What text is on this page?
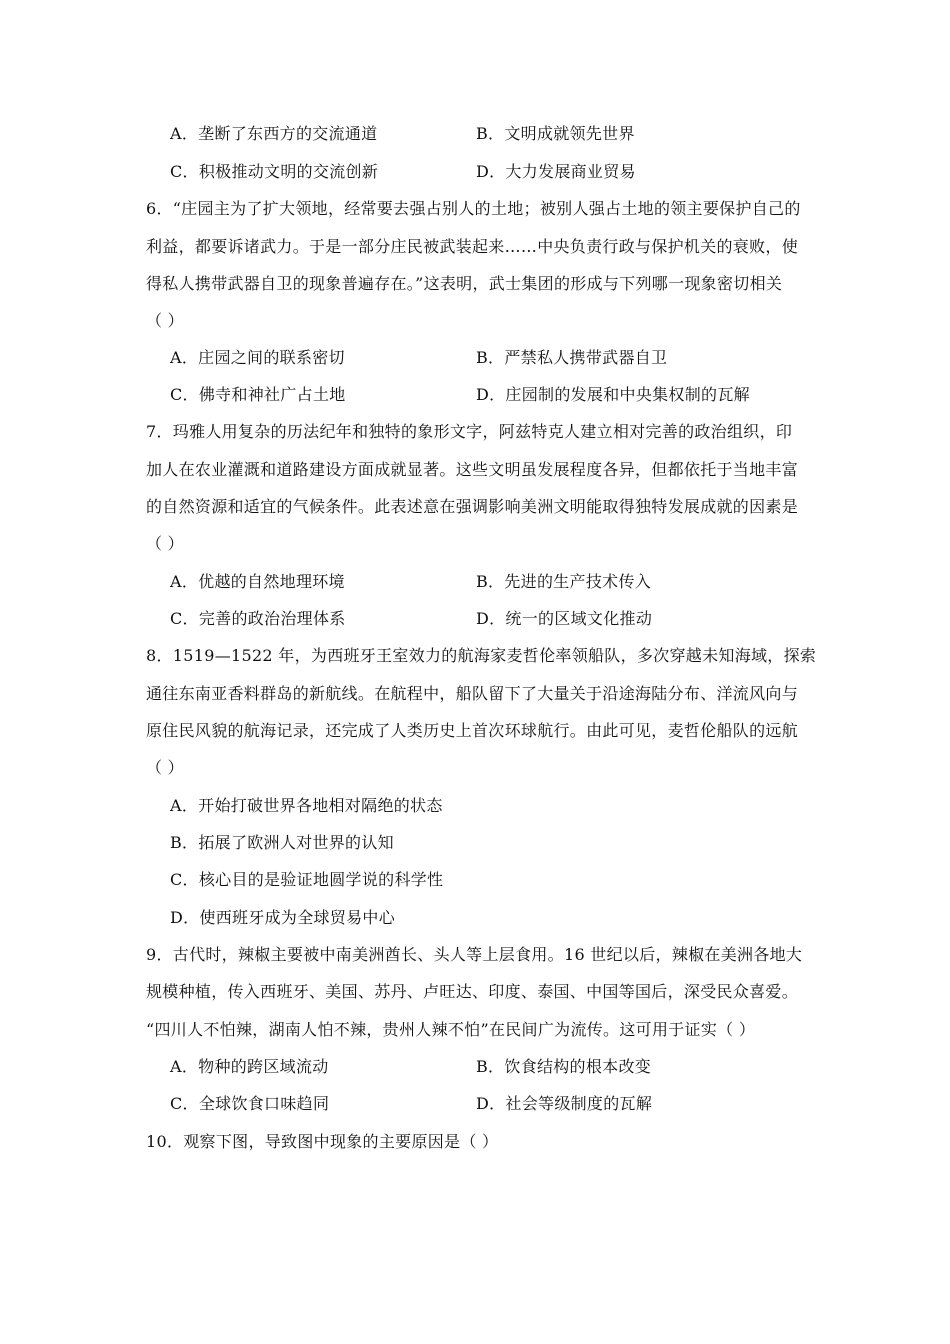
A．垄断了东西方的交流通道	B．文明成就领先世界
C．积极推动文明的交流创新	D．大力发展商业贸易
6．“庄园主为了扩大领地，经常要去强占别人的土地；被别人强占土地的领主要保护自己的
利益，都要诉诸武力。于是一部分庄民被武装起来……中央负责行政与保护机关的衰败，使
得私人携带武器自卫的现象普遍存在。”这表明，武士集团的形成与下列哪一现象密切相关
（ ）
A．庄园之间的联系密切	B．严禁私人携带武器自卫
C．佛寺和神社广占土地	D．庄园制的发展和中央集权制的瓦解
7．玛雅人用复杂的历法纪年和独特的象形文字，阿兹特克人建立相对完善的政治组织，印
加人在农业灌溉和道路建设方面成就显著。这些文明虽发展程度各异，但都依托于当地丰富
的自然资源和适宜的气候条件。此表述意在强调影响美洲文明能取得独特发展成就的因素是
（ ）
A．优越的自然地理环境	B．先进的生产技术传入
C．完善的政治治理体系	D．统一的区域文化推动
8．1519—1522 年，为西班牙王室效力的航海家麦哲伦率领船队，多次穿越未知海域，探索
通往东南亚香料群岛的新航线。在航程中，船队留下了大量关于沿途海陆分布、洋流风向与
原住民风貌的航海记录，还完成了人类历史上首次环球航行。由此可见，麦哲伦船队的远航
（ ）
A．开始打破世界各地相对隔绝的状态
B．拓展了欧洲人对世界的认知
C．核心目的是验证地圆学说的科学性
D．使西班牙成为全球贸易中心
9．古代时，辣椒主要被中南美洲酋长、头人等上层食用。16 世纪以后，辣椒在美洲各地大
规模种植，传入西班牙、美国、苏丹、卢旺达、印度、泰国、中国等国后，深受民众喜爱。
“四川人不怕辣，湖南人怕不辣，贵州人辣不怕”在民间广为流传。这可用于证实（ ）
A．物种的跨区域流动	B．饮食结构的根本改变
C．全球饮食口味趋同	D．社会等级制度的瓦解
10．观察下图，导致图中现象的主要原因是（ ）
